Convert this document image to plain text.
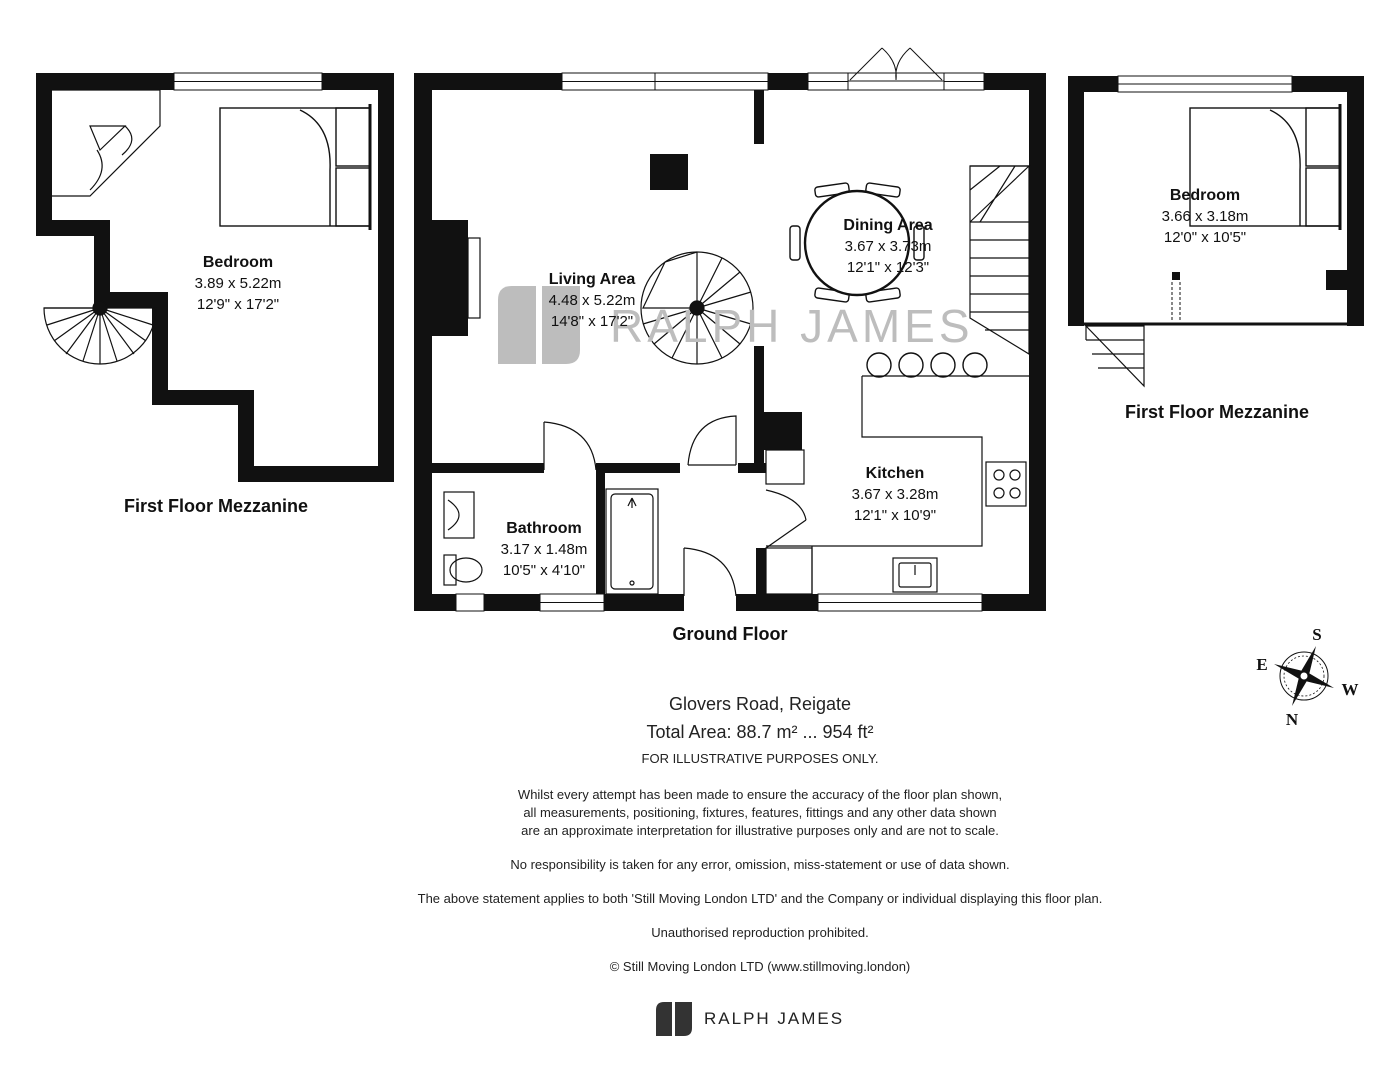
Bedroom
3.89 x 5.22m
12'9" x 17'2"
First Floor Mezzanine
RALPH JAMES
Living Area
4.48 x 5.22m
14'8" x 17'2"
Dining Area
3.67 x 3.73m
12'1" x 12'3"
Kitchen
3.67 x 3.28m
12'1" x 10'9"
Bathroom
3.17 x 1.48m
10'5" x 4'10"
Ground Floor
Bedroom
3.66 x 3.18m
12'0" x 10'5"
First Floor Mezzanine
S
E
W
N

Glovers Road, Reigate

Total Area: 88.7 m² ... 954 ft²

FOR ILLUSTRATIVE PURPOSES ONLY.

Whilst every attempt has been made to ensure the accuracy of the floor plan shown,

all measurements, positioning, fixtures, features, fittings and any other data shown

are an approximate interpretation for illustrative purposes only and are not to scale.

No responsibility is taken for any error, omission, miss-statement or use of data shown.

The above statement applies to both 'Still Moving London LTD' and the Company or individual displaying this floor plan.

Unauthorised reproduction prohibited.

© Still Moving London LTD (www.stillmoving.london)

RALPH JAMES
